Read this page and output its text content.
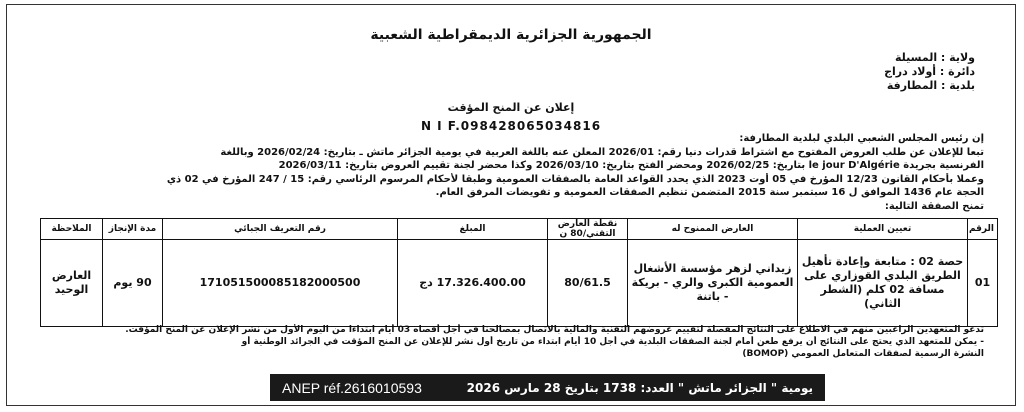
الجمهورية الجزائرية الديمقراطية الشعبية
ولاية : المسيلة
دائرة : أولاد دراج
بلدية : المطارفة
إعلان عن المنح المؤقت
N I F.098428065034816
إن رئيس المجلس الشعبي البلدي لبلدية المطارفة:
تبعا للإعلان عن طلب العروض المفتوح مع اشتراط قدرات دنيا رقم: 2026/01 المعلن عنه باللغة العربية في يومية الجزائر ماتش ـ بتاريخ: 2026/02/24 وباللغة
الفرنسية بجريدة le jour D'Algérie بتاريخ: 2026/02/25 ومحضر الفتح بتاريخ: 2026/03/10 وكذا محضر لجنة تقييم العروض بتاريخ: 2026/03/11
وعملا بأحكام القانون 12/23 المؤرخ في 05 أوت 2023 الذي يحدد القواعد العامة بالصفقات العمومية وطبقا لأحكام المرسوم الرئاسي رقم: 15 / 247 المؤرخ في 02 ذي
الحجة عام 1436 الموافق ل 16 سبتمبر سنة 2015 المتضمن تنظيم الصفقات العمومية و تفويضات المرفق العام.
تمنح الصفقة التالية:
الرقم	تعيين العملية	العارض الممنوح له	نقطة العارض التقني/80 ن	المبلغ	رقم التعريف الجبائي	مدة الإنجاز	الملاحظة
01	حصة 02 : متابعة وإعادة تأهيل الطريق البلدي القوزاري على مسافة 02 كلم (الشطر الثاني)	زيداني لزهر مؤسسة الأشغال العمومية الكبرى والري - بريكة - باتنة	80/61.5	17.326.400.00 دج	171051500085182000500	90 يوم	العارض الوحيد
تدعو المتعهدين الراغبين منهم في الاطلاع على النتائج المفصلة لتقييم عروضهم التقنية والمالية بالاتصال بمصالحنا في أجل أقصاه 03 أيام ابتداءا من اليوم الأول من نشر الإعلان عن المنح المؤقت.
- يمكن للمتعهد الذي يحتج على النتائج أن يرفع طعن أمام لجنة الصفقات البلدية في أجل 10 أيام ابتداء من تاريخ أول نشر للإعلان عن المنح المؤقت في الجرائد الوطنية أو
النشرة الرسمية لصفقات المتعامل العمومي (BOMOP)
ANEP réf.2616010593	يومية " الجزائر ماتش " العدد: 1738 بتاريخ 28 مارس 2026
